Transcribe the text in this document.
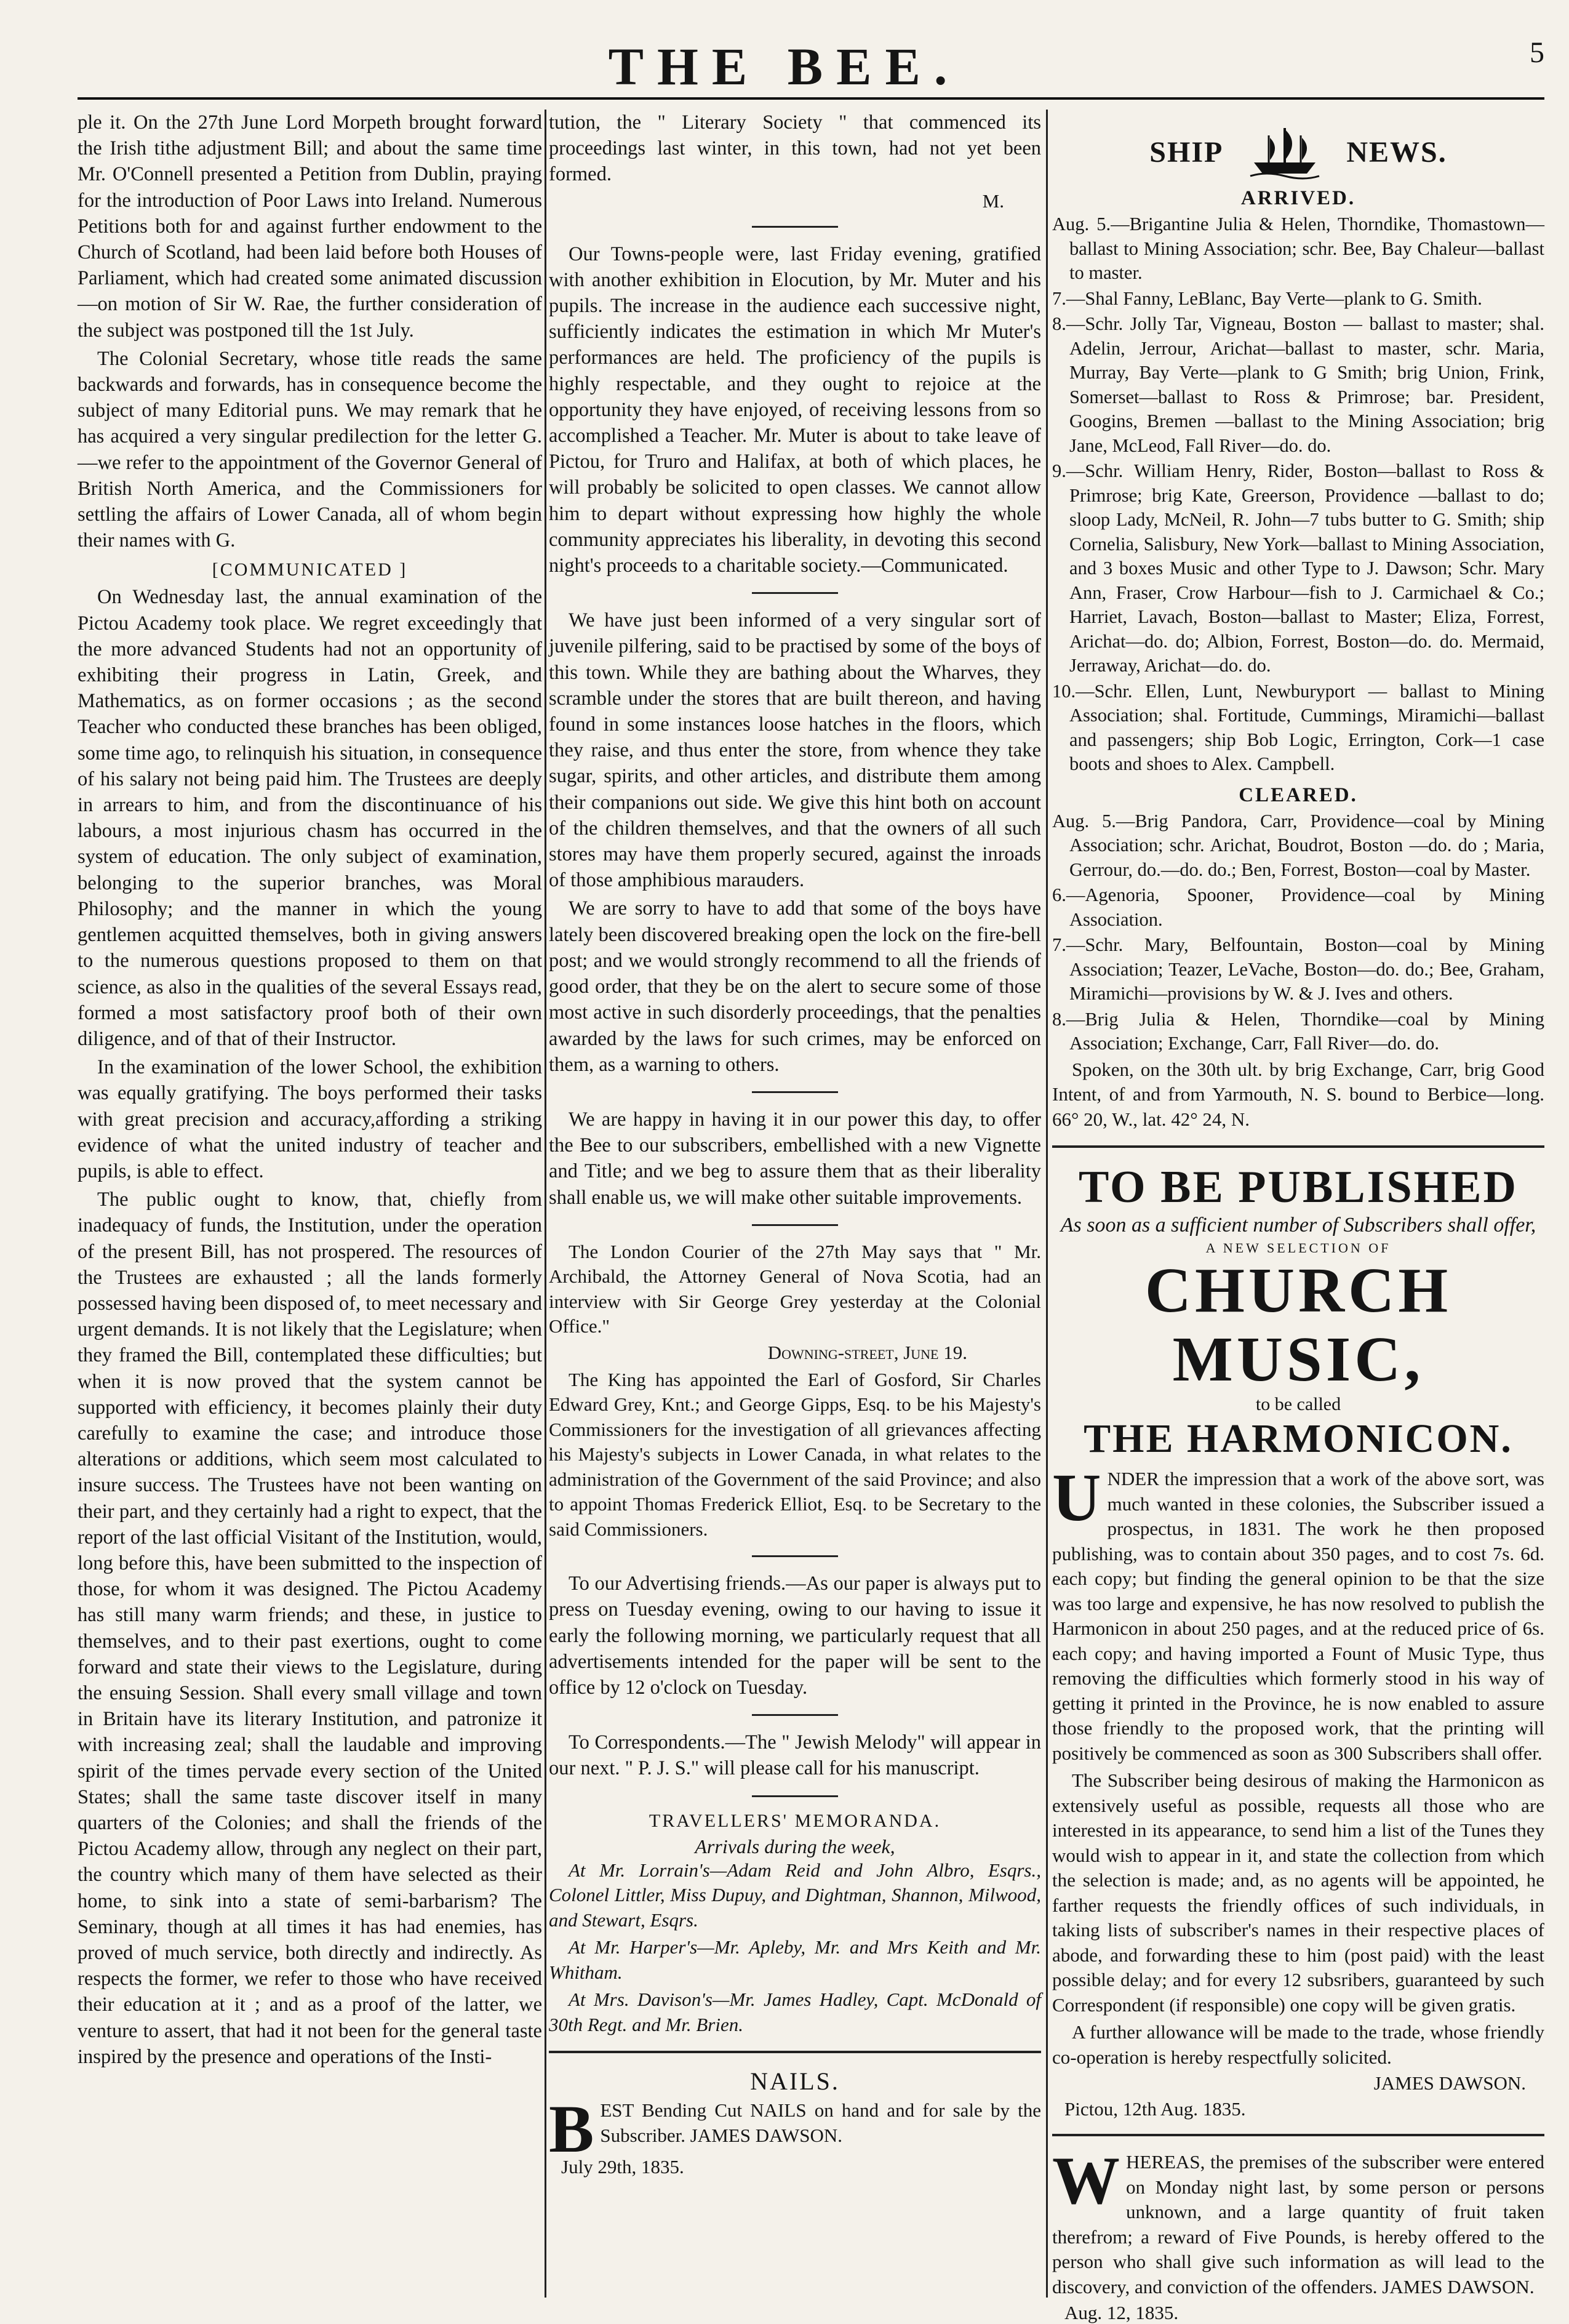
THE BEE.	5

ple it. On the 27th June Lord Morpeth brought forward the Irish tithe adjustment Bill; and about the same time Mr. O'Connell presented a Petition from Dublin, praying for the introduction of Poor Laws into Ireland. Numerous Petitions both for and against further endowment to the Church of Scotland, had been laid before both Houses of Parliament, which had created some animated discussion—on motion of Sir W. Rae, the further consideration of the subject was postponed till the 1st July.

The Colonial Secretary, whose title reads the same backwards and forwards, has in consequence become the subject of many Editorial puns. We may remark that he has acquired a very singular predilection for the letter G.—we refer to the appointment of the Governor General of British North America, and the Commissioners for settling the affairs of Lower Canada, all of whom begin their names with G.

[COMMUNICATED ]

On Wednesday last, the annual examination of the Pictou Academy took place. We regret exceedingly that the more advanced Students had not an opportunity of exhibiting their progress in Latin, Greek, and Mathematics, as on former occasions ; as the second Teacher who conducted these branches has been obliged, some time ago, to relinquish his situation, in consequence of his salary not being paid him. The Trustees are deeply in arrears to him, and from the discontinuance of his labours, a most injurious chasm has occurred in the system of education. The only subject of examination, belonging to the superior branches, was Moral Philosophy; and the manner in which the young gentlemen acquitted themselves, both in giving answers to the numerous questions proposed to them on that science, as also in the qualities of the several Essays read, formed a most satisfactory proof both of their own diligence, and of that of their Instructor.

In the examination of the lower School, the exhibition was equally gratifying. The boys performed their tasks with great precision and accuracy,affording a striking evidence of what the united industry of teacher and pupils, is able to effect.

The public ought to know, that, chiefly from inadequacy of funds, the Institution, under the operation of the present Bill, has not prospered. The resources of the Trustees are exhausted ; all the lands formerly possessed having been disposed of, to meet necessary and urgent demands. It is not likely that the Legislature; when they framed the Bill, contemplated these difficulties; but when it is now proved that the system cannot be supported with efficiency, it becomes plainly their duty carefully to examine the case; and introduce those alterations or additions, which seem most calculated to insure success. The Trustees have not been wanting on their part, and they certainly had a right to expect, that the report of the last official Visitant of the Institution, would, long before this, have been submitted to the inspection of those, for whom it was designed. The Pictou Academy has still many warm friends; and these, in justice to themselves, and to their past exertions, ought to come forward and state their views to the Legislature, during the ensuing Session. Shall every small village and town in Britain have its literary Institution, and patronize it with increasing zeal; shall the laudable and improving spirit of the times pervade every section of the United States; shall the same taste discover itself in many quarters of the Colonies; and shall the friends of the Pictou Academy allow, through any neglect on their part, the country which many of them have selected as their home, to sink into a state of semi-barbarism? The Seminary, though at all times it has had enemies, has proved of much service, both directly and indirectly. As respects the former, we refer to those who have received their education at it ; and as a proof of the latter, we venture to assert, that had it not been for the general taste inspired by the presence and operations of the Insti-

tution, the " Literary Society " that commenced its proceedings last winter, in this town, had not yet been formed.

M.

Our Towns-people were, last Friday evening, gratified with another exhibition in Elocution, by Mr. Muter and his pupils. The increase in the audience each successive night, sufficiently indicates the estimation in which Mr Muter's performances are held. The proficiency of the pupils is highly respectable, and they ought to rejoice at the opportunity they have enjoyed, of receiving lessons from so accomplished a Teacher. Mr. Muter is about to take leave of Pictou, for Truro and Halifax, at both of which places, he will probably be solicited to open classes. We cannot allow him to depart without expressing how highly the whole community appreciates his liberality, in devoting this second night's proceeds to a charitable society.—Communicated.

We have just been informed of a very singular sort of juvenile pilfering, said to be practised by some of the boys of this town. While they are bathing about the Wharves, they scramble under the stores that are built thereon, and having found in some instances loose hatches in the floors, which they raise, and thus enter the store, from whence they take sugar, spirits, and other articles, and distribute them among their companions out side. We give this hint both on account of the children themselves, and that the owners of all such stores may have them properly secured, against the inroads of those amphibious marauders.

We are sorry to have to add that some of the boys have lately been discovered breaking open the lock on the fire-bell post; and we would strongly recommend to all the friends of good order, that they be on the alert to secure some of those most active in such disorderly proceedings, that the penalties awarded by the laws for such crimes, may be enforced on them, as a warning to others.

We are happy in having it in our power this day, to offer the Bee to our subscribers, embellished with a new Vignette and Title; and we beg to assure them that as their liberality shall enable us, we will make other suitable improvements.

The London Courier of the 27th May says that " Mr. Archibald, the Attorney General of Nova Scotia, had an interview with Sir George Grey yesterday at the Colonial Office."

Downing-street, June 19.

The King has appointed the Earl of Gosford, Sir Charles Edward Grey, Knt.; and George Gipps, Esq. to be his Majesty's Commissioners for the investigation of all grievances affecting his Majesty's subjects in Lower Canada, in what relates to the administration of the Government of the said Province; and also to appoint Thomas Frederick Elliot, Esq. to be Secretary to the said Commissioners.

To our Advertising friends.—As our paper is always put to press on Tuesday evening, owing to our having to issue it early the following morning, we particularly request that all advertisements intended for the paper will be sent to the office by 12 o'clock on Tuesday.

To Correspondents.—The " Jewish Melody" will appear in our next. " P. J. S." will please call for his manuscript.

TRAVELLERS' MEMORANDA.
Arrivals during the week,

At Mr. Lorrain's—Adam Reid and John Albro, Esqrs., Colonel Littler, Miss Dupuy, and Dightman, Shannon, Milwood, and Stewart, Esqrs.

At Mr. Harper's—Mr. Apleby, Mr. and Mrs Keith and Mr. Whitham.

At Mrs. Davison's—Mr. James Hadley, Capt. McDonald of 30th Regt. and Mr. Brien.

NAILS.
B EST Bending Cut NAILS on hand and for sale by the Subscriber. JAMES DAWSON.

July 29th, 1835.
SHIP	NEWS.
ARRIVED.

Aug. 5.—Brigantine Julia & Helen, Thorndike, Thomastown—ballast to Mining Association; schr. Bee, Bay Chaleur—ballast to master.

7.—Shal Fanny, LeBlanc, Bay Verte—plank to G. Smith.

8.—Schr. Jolly Tar, Vigneau, Boston — ballast to master; shal. Adelin, Jerrour, Arichat—ballast to master, schr. Maria, Murray, Bay Verte—plank to G Smith; brig Union, Frink, Somerset—ballast to Ross & Primrose; bar. President, Googins, Bremen —ballast to the Mining Association; brig Jane, McLeod, Fall River—do. do.

9.—Schr. William Henry, Rider, Boston—ballast to Ross & Primrose; brig Kate, Greerson, Providence —ballast to do; sloop Lady, McNeil, R. John—7 tubs butter to G. Smith; ship Cornelia, Salisbury, New York—ballast to Mining Association, and 3 boxes Music and other Type to J. Dawson; Schr. Mary Ann, Fraser, Crow Harbour—fish to J. Carmichael & Co.; Harriet, Lavach, Boston—ballast to Master; Eliza, Forrest, Arichat—do. do; Albion, Forrest, Boston—do. do. Mermaid, Jerraway, Arichat—do. do.

10.—Schr. Ellen, Lunt, Newburyport — ballast to Mining Association; shal. Fortitude, Cummings, Miramichi—ballast and passengers; ship Bob Logic, Errington, Cork—1 case boots and shoes to Alex. Campbell.

CLEARED.

Aug. 5.—Brig Pandora, Carr, Providence—coal by Mining Association; schr. Arichat, Boudrot, Boston —do. do ; Maria, Gerrour, do.—do. do.; Ben, Forrest, Boston—coal by Master.

6.—Agenoria, Spooner, Providence—coal by Mining Association.

7.—Schr. Mary, Belfountain, Boston—coal by Mining Association; Teazer, LeVache, Boston—do. do.; Bee, Graham, Miramichi—provisions by W. & J. Ives and others.

8.—Brig Julia & Helen, Thorndike—coal by Mining Association; Exchange, Carr, Fall River—do. do.

Spoken, on the 30th ult. by brig Exchange, Carr, brig Good Intent, of and from Yarmouth, N. S. bound to Berbice—long. 66° 20, W., lat. 42° 24, N.

TO BE PUBLISHED
As soon as a sufficient number of Subscribers shall offer,
A NEW SELECTION OF
CHURCH MUSIC,
to be called
THE HARMONICON.
U NDER the impression that a work of the above sort, was much wanted in these colonies, the Subscriber issued a prospectus, in 1831. The work he then proposed publishing, was to contain about 350 pages, and to cost 7s. 6d. each copy; but finding the general opinion to be that the size was too large and expensive, he has now resolved to publish the Harmonicon in about 250 pages, and at the reduced price of 6s. each copy; and having imported a Fount of Music Type, thus removing the difficulties which formerly stood in his way of getting it printed in the Province, he is now enabled to assure those friendly to the proposed work, that the printing will positively be commenced as soon as 300 Subscribers shall offer.

The Subscriber being desirous of making the Harmonicon as extensively useful as possible, requests all those who are interested in its appearance, to send him a list of the Tunes they would wish to appear in it, and state the collection from which the selection is made; and, as no agents will be appointed, he farther requests the friendly offices of such individuals, in taking lists of subscriber's names in their respective places of abode, and forwarding these to him (post paid) with the least possible delay; and for every 12 subsribers, guaranteed by such Correspondent (if responsible) one copy will be given gratis.

A further allowance will be made to the trade, whose friendly co-operation is hereby respectfully solicited.

JAMES DAWSON.
Pictou, 12th Aug. 1835.
W HEREAS, the premises of the subscriber were entered on Monday night last, by some person or persons unknown, and a large quantity of fruit taken therefrom; a reward of Five Pounds, is hereby offered to the person who shall give such information as will lead to the discovery, and conviction of the offenders. JAMES DAWSON.

Aug. 12, 1835.
